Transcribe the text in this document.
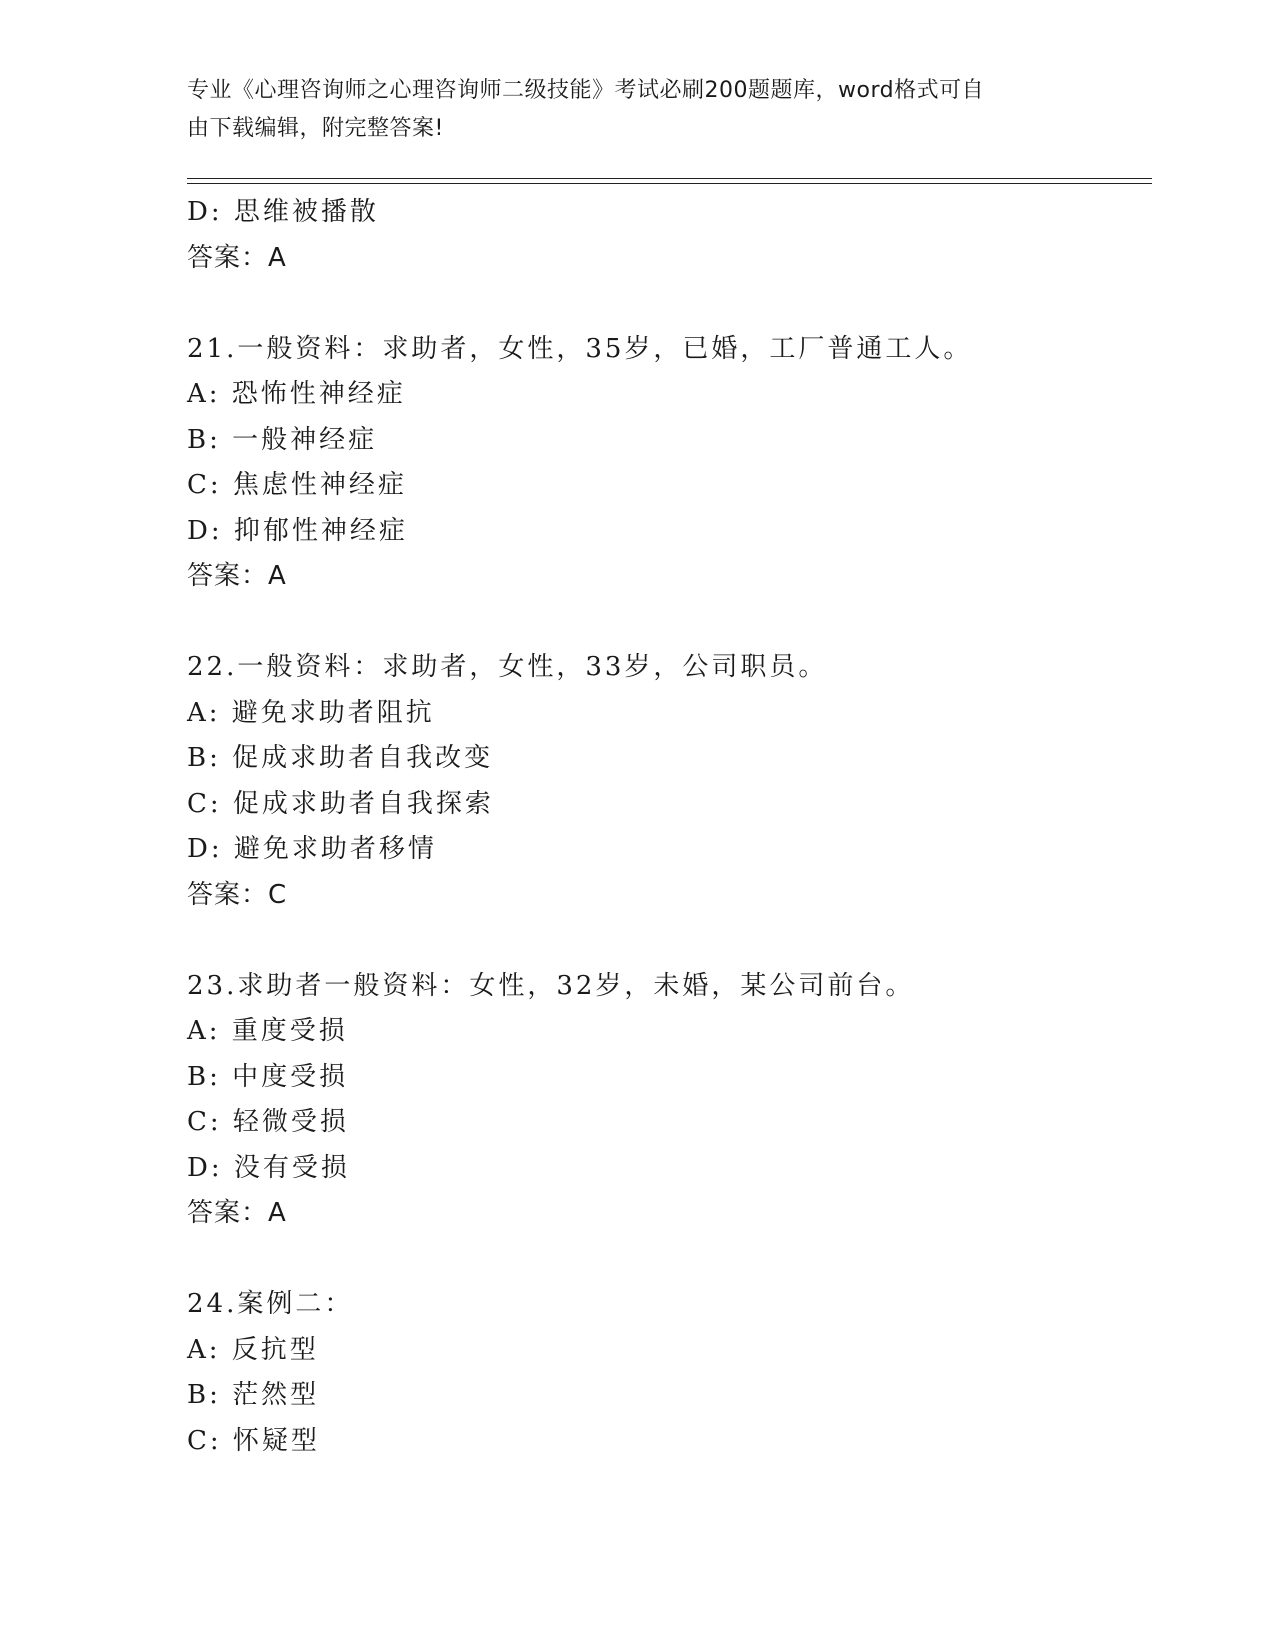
专业《心理咨询师之心理咨询师二级技能》考试必刷200题题库，word格式可自
由下载编辑，附完整答案!
D: 思维被播散
答案：A
21.一般资料：求助者，女性，35岁，已婚，工厂普通工人。
A: 恐怖性神经症
B: 一般神经症
C: 焦虑性神经症
D: 抑郁性神经症
答案：A
22.一般资料：求助者，女性，33岁，公司职员。
A: 避免求助者阻抗
B: 促成求助者自我改变
C: 促成求助者自我探索
D: 避免求助者移情
答案：C
23.求助者一般资料：女性，32岁，未婚，某公司前台。
A: 重度受损
B: 中度受损
C: 轻微受损
D: 没有受损
答案：A
24.案例二：
A: 反抗型
B: 茫然型
C: 怀疑型
